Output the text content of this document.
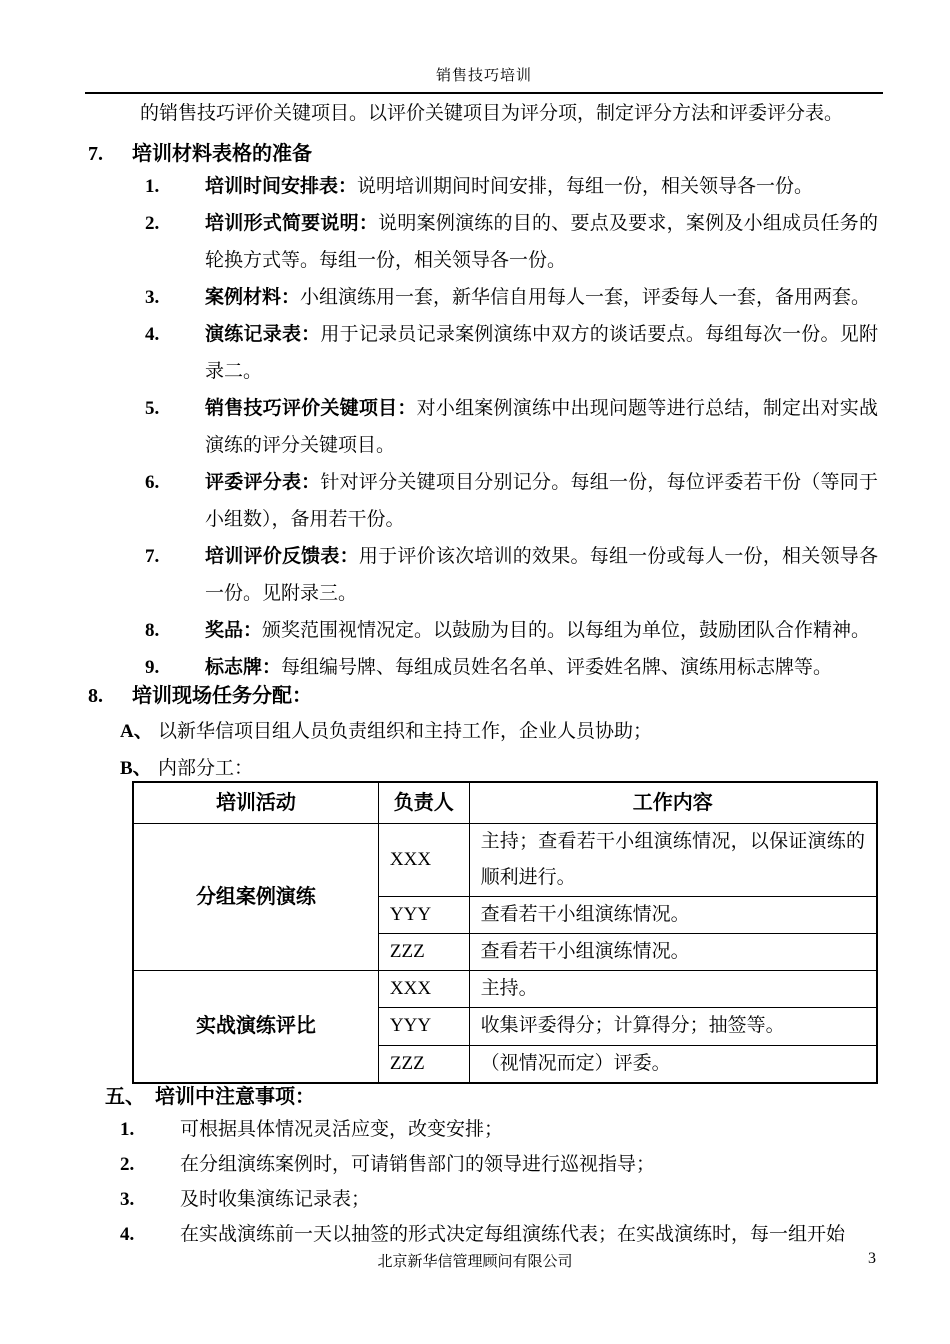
销售技巧培训
的销售技巧评价关键项目。以评价关键项目为评分项，制定评分方法和评委评分表。
7. 培训材料表格的准备
1.	培训时间安排表：说明培训期间时间安排，每组一份，相关领导各一份。
2.	培训形式简要说明：说明案例演练的目的、要点及要求，案例及小组成员任务的轮换方式等。每组一份，相关领导各一份。
3.	案例材料：小组演练用一套，新华信自用每人一套，评委每人一套，备用两套。
4.	演练记录表：用于记录员记录案例演练中双方的谈话要点。每组每次一份。见附录二。
5.	销售技巧评价关键项目：对小组案例演练中出现问题等进行总结，制定出对实战演练的评分关键项目。
6.	评委评分表：针对评分关键项目分别记分。每组一份，每位评委若干份（等同于小组数），备用若干份。
7.	培训评价反馈表：用于评价该次培训的效果。每组一份或每人一份，相关领导各一份。见附录三。
8.	奖品：颁奖范围视情况定。以鼓励为目的。以每组为单位，鼓励团队合作精神。
9.	标志牌：每组编号牌、每组成员姓名名单、评委姓名牌、演练用标志牌等。
8. 培训现场任务分配：
A、 以新华信项目组人员负责组织和主持工作，企业人员协助；
B、 内部分工：
培训活动	负责人	工作内容
分组案例演练	XXX	主持；查看若干小组演练情况，以保证演练的顺利进行。
	YYY	查看若干小组演练情况。
	ZZZ	查看若干小组演练情况。
实战演练评比	XXX	主持。
	YYY	收集评委得分；计算得分；抽签等。
	ZZZ	（视情况而定）评委。
五、 培训中注意事项：
1.	可根据具体情况灵活应变，改变安排；
2.	在分组演练案例时，可请销售部门的领导进行巡视指导；
3.	及时收集演练记录表；
4.	在实战演练前一天以抽签的形式决定每组演练代表；在实战演练时，每一组开始
北京新华信管理顾问有限公司	3
